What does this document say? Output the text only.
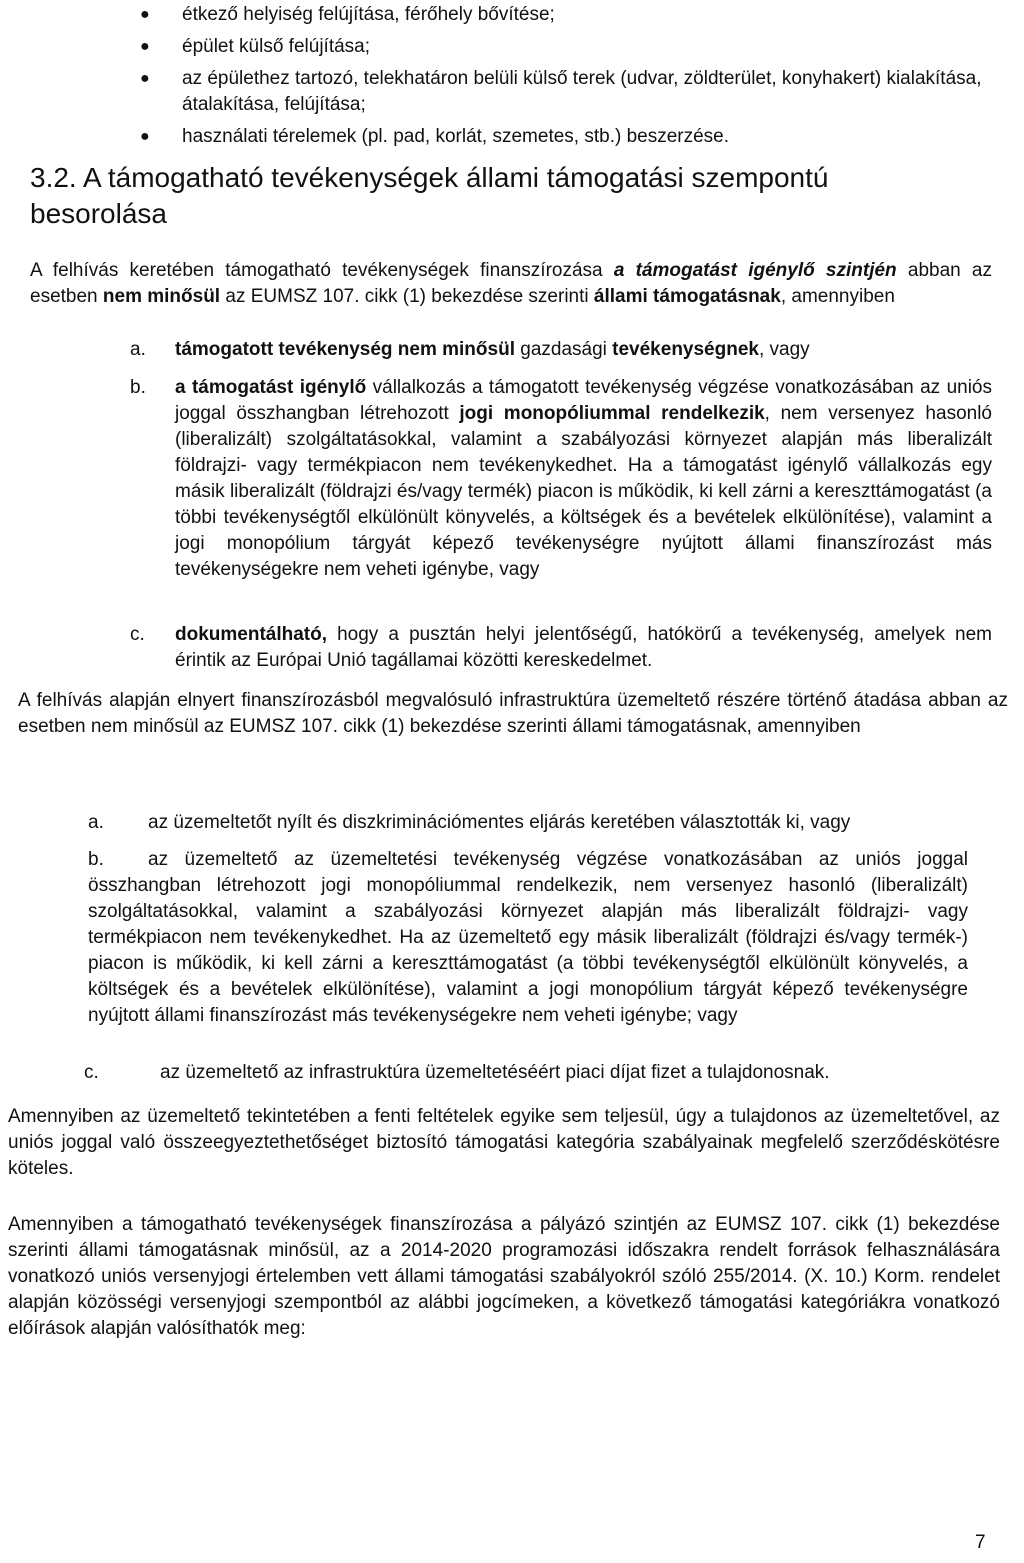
● étkező helyiség felújítása, férőhely bővítése;
● épület külső felújítása;
● az épülethez tartozó, telekhatáron belüli külső terek (udvar, zöldterület, konyhakert) kialakítása, átalakítása, felújítása;
● használati térelemek (pl. pad, korlát, szemetes, stb.) beszerzése.
3.2. A támogatható tevékenységek állami támogatási szempontú besorolása

A felhívás keretében támogatható tevékenységek finanszírozása a támogatást igénylő szintjén abban az esetben nem minősül az EUMSZ 107. cikk (1) bekezdése szerinti állami támogatásnak, amennyiben

a. támogatott tevékenység nem minősül gazdasági tevékenységnek, vagy
b. a támogatást igénylő vállalkozás a támogatott tevékenység végzése vonatkozásában az uniós joggal összhangban létrehozott jogi monopóliummal rendelkezik, nem versenyez hasonló (liberalizált) szolgáltatásokkal, valamint a szabályozási környezet alapján más liberalizált földrajzi- vagy termékpiacon nem tevékenykedhet. Ha a támogatást igénylő vállalkozás egy másik liberalizált (földrajzi és/vagy termék) piacon is működik, ki kell zárni a kereszttámogatást (a többi tevékenységtől elkülönült könyvelés, a költségek és a bevételek elkülönítése), valamint a jogi monopólium tárgyát képező tevékenységre nyújtott állami finanszírozást más tevékenységekre nem veheti igénybe, vagy
c. dokumentálható, hogy a pusztán helyi jelentőségű, hatókörű a tevékenység, amelyek nem érintik az Európai Unió tagállamai közötti kereskedelmet.

A felhívás alapján elnyert finanszírozásból megvalósuló infrastruktúra üzemeltető részére történő átadása abban az esetben nem minősül az EUMSZ 107. cikk (1) bekezdése szerinti állami támogatásnak, amennyiben

a. az üzemeltetőt nyílt és diszkriminációmentes eljárás keretében választották ki, vagy
b. az üzemeltető az üzemeltetési tevékenység végzése vonatkozásában az uniós joggal összhangban létrehozott jogi monopóliummal rendelkezik, nem versenyez hasonló (liberalizált) szolgáltatásokkal, valamint a szabályozási környezet alapján más liberalizált földrajzi- vagy termékpiacon nem tevékenykedhet. Ha az üzemeltető egy másik liberalizált (földrajzi és/vagy termék-) piacon is működik, ki kell zárni a kereszttámogatást (a többi tevékenységtől elkülönült könyvelés, a költségek és a bevételek elkülönítése), valamint a jogi monopólium tárgyát képező tevékenységre nyújtott állami finanszírozást más tevékenységekre nem veheti igénybe; vagy
c.	az üzemeltető az infrastruktúra üzemeltetéséért piaci díjat fizet a tulajdonosnak.

Amennyiben az üzemeltető tekintetében a fenti feltételek egyike sem teljesül, úgy a tulajdonos az üzemeltetővel, az uniós joggal való összeegyeztethetőséget biztosító támogatási kategória szabályainak megfelelő szerződéskötésre köteles.

Amennyiben a támogatható tevékenységek finanszírozása a pályázó szintjén az EUMSZ 107. cikk (1) bekezdése szerinti állami támogatásnak minősül, az a 2014-2020 programozási időszakra rendelt források felhasználására vonatkozó uniós versenyjogi értelemben vett állami támogatási szabályokról szóló 255/2014. (X. 10.) Korm. rendelet alapján közösségi versenyjogi szempontból az alábbi jogcímeken, a következő támogatási kategóriákra vonatkozó előírások alapján valósíthatók meg:

7
